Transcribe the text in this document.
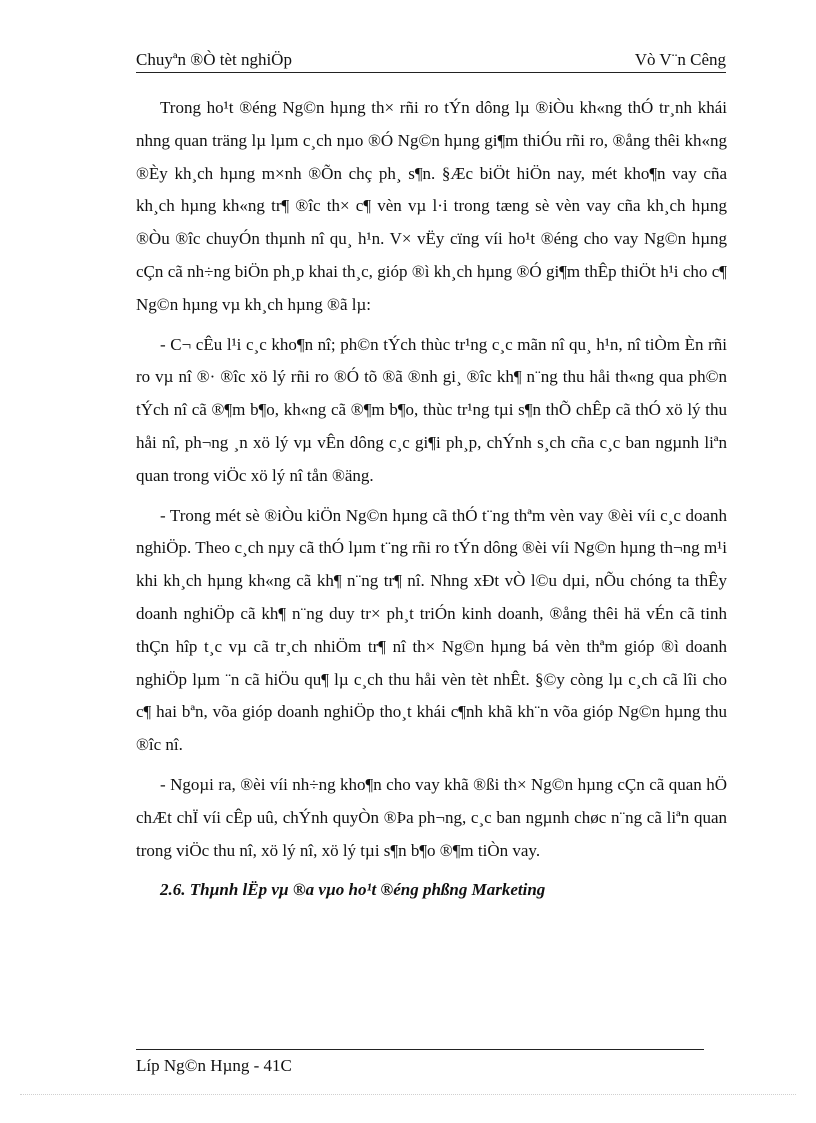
Chuyªn ®Ò tèt nghiÖp	Vò V¨n Cêng

Trong ho¹t ®éng Ng©n hµng th× rñi ro tÝn dông lµ ®iÒu kh«ng thÓ tr¸nh khái nhng quan träng lµ lµm c¸ch nµo ®Ó Ng©n hµng gi¶m thiÓu rñi ro, ®ång thêi kh«ng ®Èy kh¸ch hµng m×nh ®Õn chç ph¸ s¶n. §Æc biÖt hiÖn nay, mét kho¶n vay cña kh¸ch hµng kh«ng tr¶ ®îc th× c¶ vèn vµ l·i trong tæng sè vèn vay cña kh¸ch hµng ®Òu ®îc chuyÓn thµnh nî qu¸ h¹n. V× vËy cïng víi ho¹t ®éng cho vay Ng©n hµng cÇn cã nh÷ng biÖn ph¸p khai th¸c, gióp ®ì kh¸ch hµng ®Ó gi¶m thÊp thiÖt h¹i cho c¶ Ng©n hµng vµ kh¸ch hµng ®ã lµ:

- C¬ cÊu l¹i c¸c kho¶n nî; ph©n tÝch thùc tr¹ng c¸c mãn nî qu¸ h¹n, nî tiÒm Èn rñi ro vµ nî ®· ®îc xö lý rñi ro ®Ó tõ ®ã ®nh gi¸ ®îc kh¶ n¨ng thu håi th«ng qua ph©n tÝch nî cã ®¶m b¶o, kh«ng cã ®¶m b¶o, thùc tr¹ng tµi s¶n thÕ chÊp cã thÓ xö lý thu håi nî, ph¬ng ¸n xö lý vµ vÊn dông c¸c gi¶i ph¸p, chÝnh s¸ch cña c¸c ban ngµnh liªn quan trong viÖc xö lý nî tån ®äng.

- Trong mét sè ®iÒu kiÖn Ng©n hµng cã thÓ t¨ng thªm vèn vay ®èi víi c¸c doanh nghiÖp. Theo c¸ch nµy cã thÓ lµm t¨ng rñi ro tÝn dông ®èi víi Ng©n hµng th¬ng m¹i khi kh¸ch hµng kh«ng cã kh¶ n¨ng tr¶ nî. Nhng xÐt vÒ l©u dµi, nÕu chóng ta thÊy doanh nghiÖp cã kh¶ n¨ng duy tr× ph¸t triÓn kinh doanh, ®ång thêi hä vÉn cã tinh thÇn hîp t¸c vµ cã tr¸ch nhiÖm tr¶ nî th× Ng©n hµng bá vèn thªm gióp ®ì doanh nghiÖp lµm ¨n cã hiÖu qu¶ lµ c¸ch thu håi vèn tèt nhÊt. §©y còng lµ c¸ch cã lîi cho c¶ hai bªn, võa gióp doanh nghiÖp tho¸t khái c¶nh khã kh¨n võa gióp Ng©n hµng thu ®îc nî.

- Ngoµi ra, ®èi víi nh÷ng kho¶n cho vay khã ®ßi th× Ng©n hµng cÇn cã quan hÖ chÆt chÏ víi cÊp uû, chÝnh quyÒn ®Þa ph¬ng, c¸c ban ngµnh chøc n¨ng cã liªn quan trong viÖc thu nî, xö lý nî, xö lý tµi s¶n b¶o ®¶m tiÒn vay.

2.6. Thµnh lËp vµ ®a vµo ho¹t ®éng phßng Marketing

Líp Ng©n Hµng - 41C
